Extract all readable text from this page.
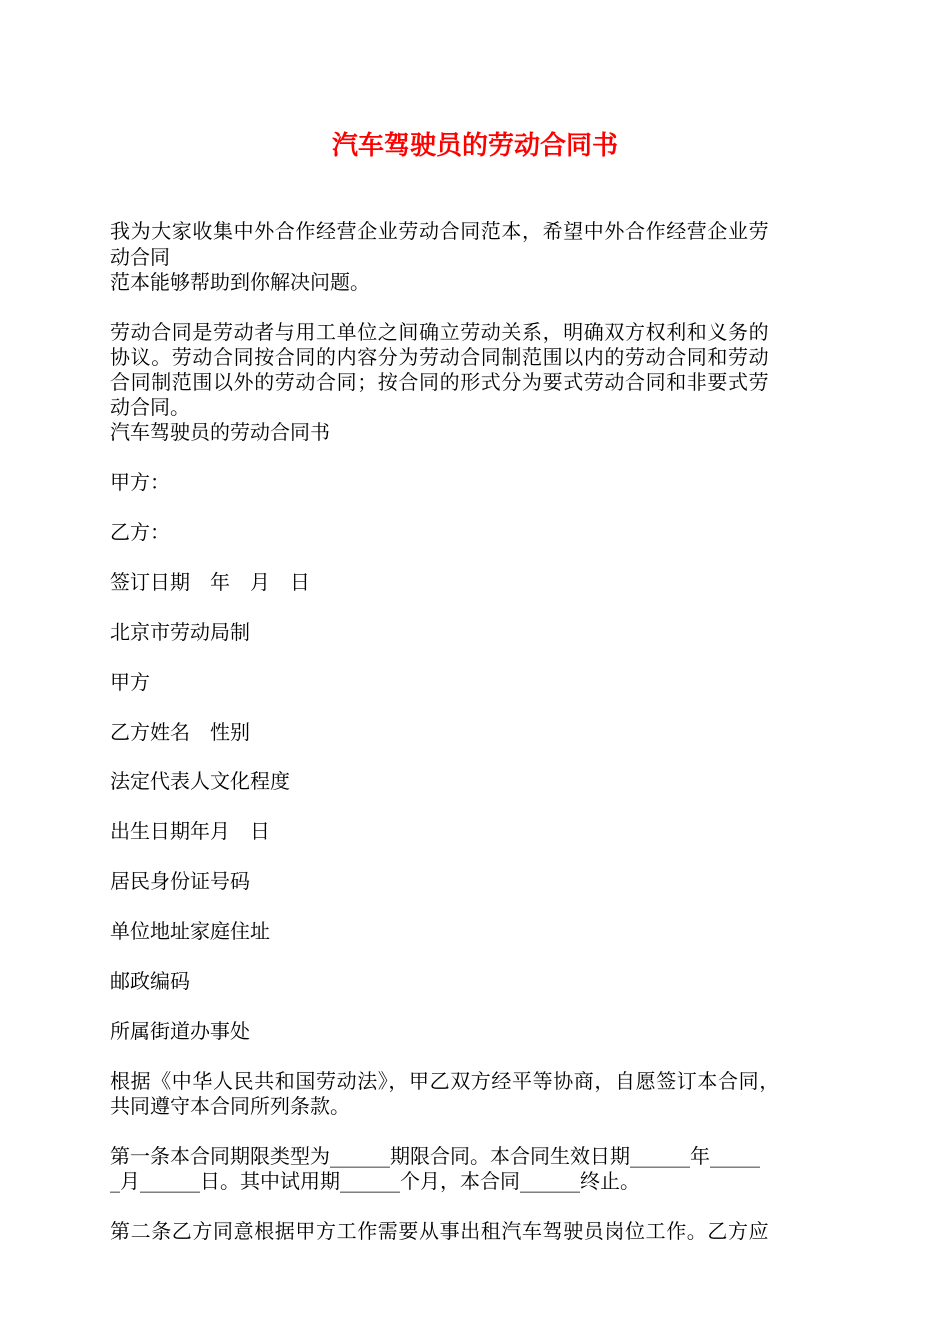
汽车驾驶员的劳动合同书
我为大家收集中外合作经营企业劳动合同范本，希望中外合作经营企业劳
动合同
范本能够帮助到你解决问题。
劳动合同是劳动者与用工单位之间确立劳动关系，明确双方权利和义务的
协议。劳动合同按合同的内容分为劳动合同制范围以内的劳动合同和劳动
合同制范围以外的劳动合同；按合同的形式分为要式劳动合同和非要式劳
动合同。
汽车驾驶员的劳动合同书
甲方：
乙方：
签订日期　年　月　日
北京市劳动局制
甲方
乙方姓名　性别
法定代表人文化程度
出生日期年月　日
居民身份证号码
单位地址家庭住址
邮政编码
所属街道办事处
根据《中华人民共和国劳动法》，甲乙双方经平等协商，自愿签订本合同，
共同遵守本合同所列条款。
第一条本合同期限类型为______期限合同。本合同生效日期______年_____
_月______日。其中试用期______个月，本合同______终止。
第二条乙方同意根据甲方工作需要从事出租汽车驾驶员岗位工作。乙方应
